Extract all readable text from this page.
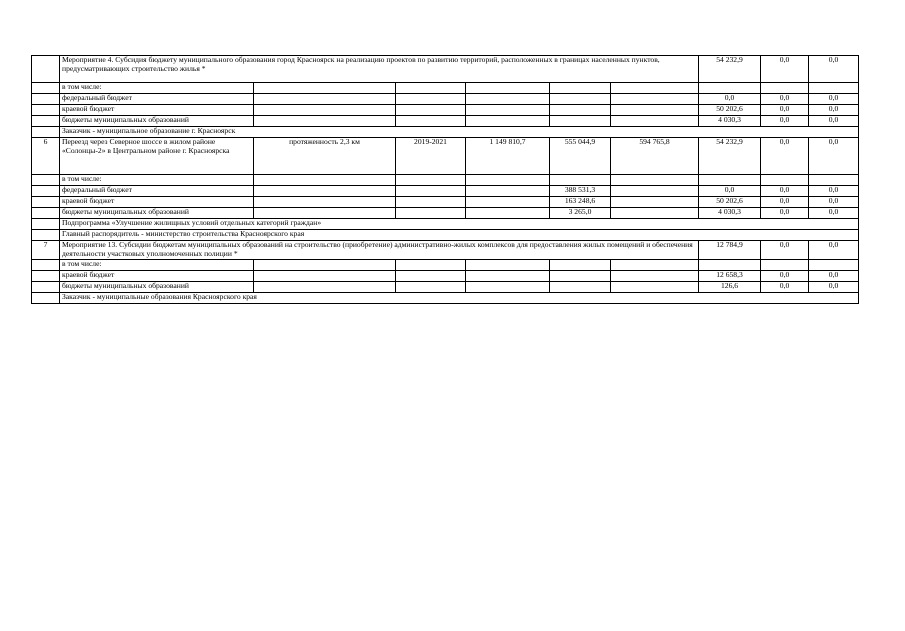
	Мероприятие 4. Субсидия бюджету муниципального образования город Красноярск на реализацию проектов по развитию территорий, расположенных в границах населенных пунктов, предусматривающих строительство жилья *						54 232,9	0,0	0,0
	в том числе:								
	федеральный бюджет						0,0	0,0	0,0
	краевой бюджет						50 202,6	0,0	0,0
	бюджеты муниципальных образований						4 030,3	0,0	0,0
	Заказчик - муниципальное образование г. Красноярск								
6	Переезд через Северное шоссе в жилом районе «Солонцы-2» в Центральном районе г. Красноярска	протяженность 2,3 км	2019-2021	1 149 810,7	555 044,9	594 765,8	54 232,9	0,0	0,0
	в том числе:								
	федеральный бюджет				388 531,3		0,0	0,0	0,0
	краевой бюджет				163 248,6		50 202,6	0,0	0,0
	бюджеты муниципальных образований				3 265,0		4 030,3	0,0	0,0
	Подпрограмма «Улучшение жилищных условий отдельных категорий граждан»								
	Главный распорядитель - министерство строительства Красноярского края								
7	Мероприятие 13. Субсидии бюджетам муниципальных образований на строительство (приобретение) административно-жилых комплексов для предоставления жилых помещений и обеспечения деятельности участковых уполномоченных полиции *						12 784,9	0,0	0,0
	в том числе:								
	краевой бюджет						12 658,3	0,0	0,0
	бюджеты муниципальных образований						126,6	0,0	0,0
	Заказчик - муниципальные образования Красноярского края								
